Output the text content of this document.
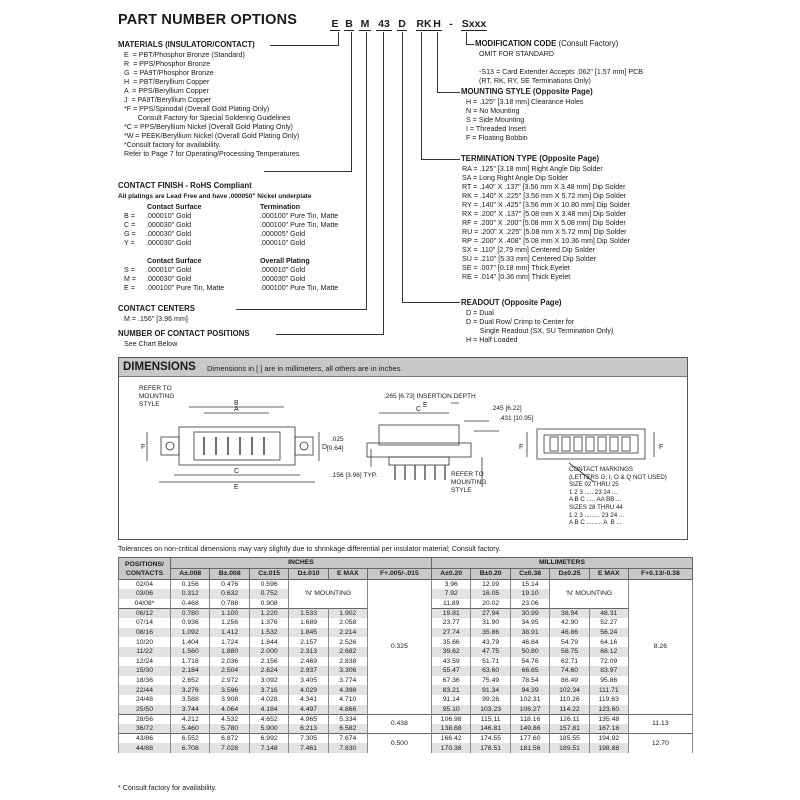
PART NUMBER OPTIONS	E B M 43 D RK H - Sxxx
MATERIALS (INSULATOR/CONTACT)
E  = PBT/Phosphor Bronze (Standard)
R  = PPS/Phosphor Bronze
G  = PA9T/Phosphor Bronze
H  = PBT/Beryllium Copper
A  = PPS/Beryllium Copper
J  = PA9T/Beryllium Copper
*F = PPS/Spinodal (Overall Gold Plating Only)
Consult Factory for Special Soldering Guidelines
*C = PPS/Beryllium Nickel (Overall Gold Plating Only)
*W = PEEK/Beryllium Nickel (Overall Gold Plating Only)
*Consult factory for availability.
Refer to Page 7 for Operating/Processing Temperatures
CONTACT FINISH - RoHS Compliant
All platings are Lead Free and have .000050" Nickel underplate
Contact Surface	Termination
B = .000010" Gold	.000100" Pure Tin, Matte
C = .000030" Gold	.000100" Pure Tin, Matte
G = .000030" Gold	.000005" Gold
Y = .000030" Gold	.000010" Gold
Contact Surface	Overall Plating
S = .000010" Gold	.000010" Gold
M = .000030" Gold	.000030" Gold
E = .000100" Pure Tin, Matte	.000100" Pure Tin, Matte
CONTACT CENTERS
M = .156" [3.96 mm]
NUMBER OF CONTACT POSITIONS
See Chart Below
MODIFICATION CODE (Consult Factory)
OMIT FOR STANDARD

-S13 = Card Extender Accepts .062" [1.57 mm] PCB
(RT, RK, RY, SE Terminations Only)
MOUNTING STYLE (Opposite Page)
H = .125" [3.18 mm] Clearance Holes
N = No Mounting
S = Side Mounting
I = Threaded Insert
F = Floating Bobbin
TERMINATION TYPE (Opposite Page)
RA = .125" [3.18 mm] Right Angle Dip Solder
SA = Long Right Angle Dip Solder
RT = .140" X .137" [3.56 mm X 3.48 mm] Dip Solder
RK = .140" X .225" [3.56 mm X 5.72 mm] Dip Solder
RY = .140" X .425" [3.56 mm X 10.80 mm] Dip Solder
RX = .200" X .137" [5.08 mm X 3.48 mm] Dip Solder
RF = .200" X .200" [5.08 mm X 5.08 mm] Dip Solder
RU = .200" X .225" [5.08 mm X 5.72 mm] Dip Solder
RP = .200" X .408" [5.08 mm X 10.36 mm] Dip Solder
SX = .110" [2.79 mm] Centered Dip Solder
SU = .210" [5.33 mm] Centered Dip Solder
SE = .007" [0.18 mm] Thick Eyelet
RE = .014" [0.36 mm] Thick Eyelet
READOUT (Opposite Page)
D = Dual
D = Dual Row/ Crimp to Center for
Single Readout (SX, SU Termination Only)
H = Half Loaded
DIMENSIONS Dimensions in [ ] are in millimeters, all others are in inches.
A
B
C
E
F	D
C
E
F	F
REFER TO
MOUNTING
STYLE
.265 [6.73] INSERTION DEPTH
.245 [6.22]
.431 [10.95]
.025
[0.64]
.156 [3.96] TYP.	REFER TO
MOUNTING
STYLE
CONTACT MARKINGS
(LETTERS G, I, O & Q NOT USED)
SIZE 02 THRU 25
1 2 3 ..... 23 24 ...
A B C ..... AA BB ...
SIZES 28 THRU 44
1 2 3 ......... 23 24 ...
A B C ......... A  B ...
Tolerances on non-critical dimensions may vary slightly due to shrinkage differential per insulator material; Consult factory.
POSITIONS/
CONTACTS	INCHES						MILLIMETERS					
	A±.008	B±.008	C±.015	D±.010	E MAX	F+.005/-.015	A±0.20	B±0.20	C±0.38	D±0.25	E MAX	F+0.13/-0.38
02/04	0.156	0.476	0.596	'N' MOUNTING		0.325	3.96	12.09	15.14	'N' MOUNTING		8.26
03/06	0.312	0.632	0.752				7.92	16.05	19.10			
04/08*	0.468	0.788	0.908				11.89	20.02	23.06			
06/12	0.780	1.100	1.220	1.533	1.902		19.81	27.94	30.99	38.94	48.31	
07/14	0.936	1.256	1.376	1.689	2.058		23.77	31.90	34.95	42.90	52.27	
08/16	1.092	1.412	1.532	1.845	2.214		27.74	35.86	38.91	46.86	56.24	
10/20	1.404	1.724	1.844	2.157	2.526		35.66	43.79	46.84	54.79	64.16	
11/22	1.560	1.880	2.000	2.313	2.682		39.62	47.75	50.80	58.75	68.12	
12/24	1.716	2.036	2.156	2.469	2.838		43.59	51.71	54.76	62.71	72.09	
15/30	2.184	2.504	2.624	2.937	3.306		55.47	63.60	66.65	74.60	83.97	
18/36	2.652	2.972	3.092	3.405	3.774		67.36	75.49	78.54	86.49	95.86	
22/44	3.276	3.596	3.716	4.029	4.398		83.21	91.34	94.39	102.34	111.71	
24/48	3.588	3.908	4.028	4.341	4.710		91.14	99.26	102.31	110.26	119.63	
25/50	3.744	4.064	4.184	4.497	4.866		95.10	103.23	106.27	114.22	123.60	
28/56	4.212	4.532	4.652	4.965	5.334	0.438	106.98	115.11	118.16	126.11	135.48	11.13
36/72	5.460	5.780	5.900	6.213	6.582		138.68	146.81	149.86	157.81	167.18	
43/86	6.552	6.872	6.992	7.305	7.674	0.500	166.42	174.55	177.60	185.55	194.92	12.70
44/88	6.708	7.028	7.148	7.461	7.830		170.38	178.51	181.56	189.51	198.88	
* Consult factory for availability.
